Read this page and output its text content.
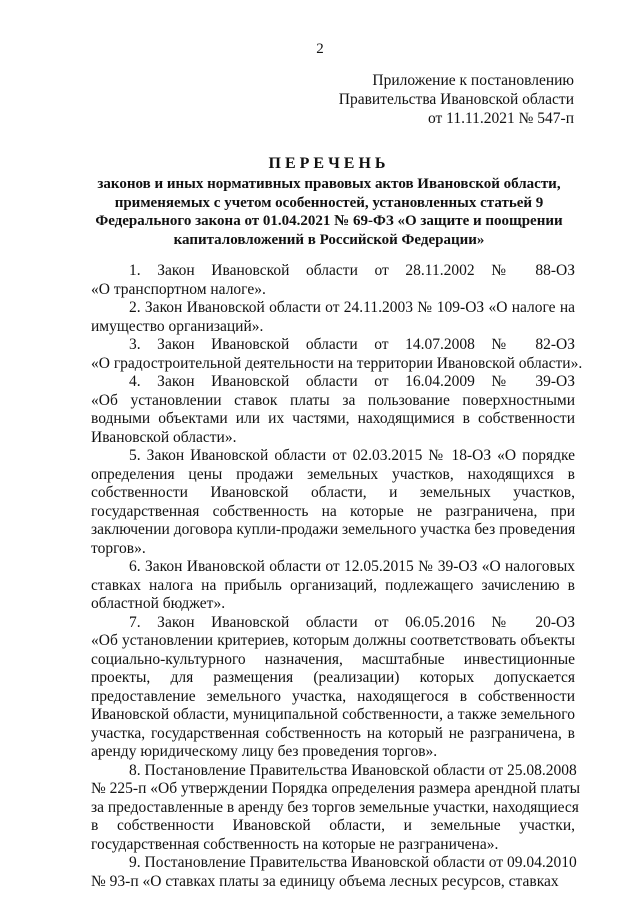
2
Приложение к постановлению
Правительства Ивановской области
от 11.11.2021 № 547-п
ПЕРЕЧЕНЬ
законов и иных нормативных правовых актов Ивановской области,
применяемых с учетом особенностей, установленных статьей 9
Федерального закона от 01.04.2021 № 69-ФЗ «О защите и поощрении
капиталовложений в Российской Федерации»
1. Закон Ивановской области от 28.11.2002 № 88-ОЗ
«О транспортном налоге».
2. Закон Ивановской области от 24.11.2003 № 109-ОЗ «О налоге на
имущество организаций».
3. Закон Ивановской области от 14.07.2008 № 82-ОЗ
«О градостроительной деятельности на территории Ивановской области».
4. Закон Ивановской области от 16.04.2009 № 39-ОЗ
«Об установлении ставок платы за пользование поверхностными
водными объектами или их частями, находящимися в собственности
Ивановской области».
5. Закон Ивановской области от 02.03.2015 № 18-ОЗ «О порядке
определения цены продажи земельных участков, находящихся в
собственности Ивановской области, и земельных участков,
государственная собственность на которые не разграничена, при
заключении договора купли-продажи земельного участка без проведения
торгов».
6. Закон Ивановской области от 12.05.2015 № 39-ОЗ «О налоговых
ставках налога на прибыль организаций, подлежащего зачислению в
областной бюджет».
7. Закон Ивановской области от 06.05.2016 № 20-ОЗ
«Об установлении критериев, которым должны соответствовать объекты
социально-культурного назначения, масштабные инвестиционные
проекты, для размещения (реализации) которых допускается
предоставление земельного участка, находящегося в собственности
Ивановской области, муниципальной собственности, а также земельного
участка, государственная собственность на который не разграничена, в
аренду юридическому лицу без проведения торгов».
8. Постановление Правительства Ивановской области от 25.08.2008
№ 225-п «Об утверждении Порядка определения размера арендной платы
за предоставленные в аренду без торгов земельные участки, находящиеся
в собственности Ивановской области, и земельные участки,
государственная собственность на которые не разграничена».
9. Постановление Правительства Ивановской области от 09.04.2010
№ 93-п «О ставках платы за единицу объема лесных ресурсов, ставках
